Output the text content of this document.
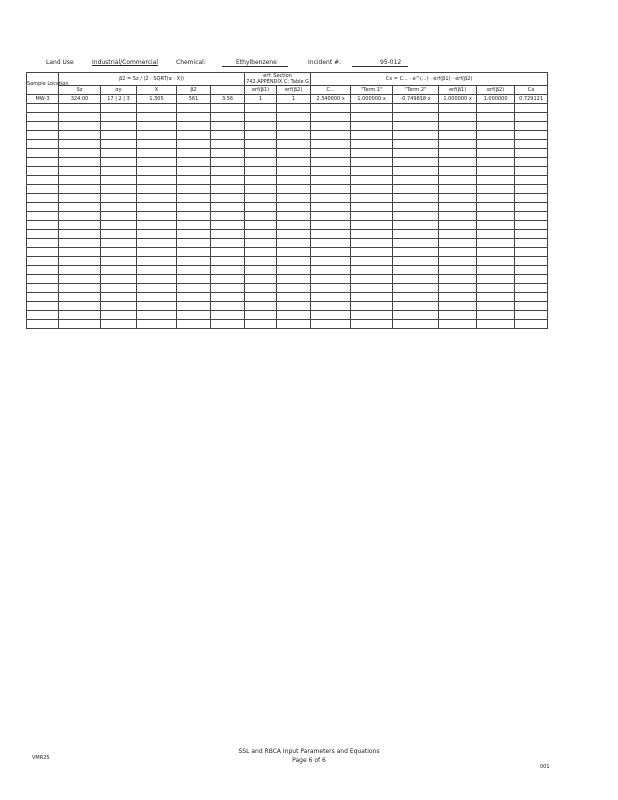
Land Use	Industrial/Commercial	Chemical:	Ethylbenzene	Incident #:	95-012
Sample Location	β2 = Sz / (2 · SQRT(α · X))					erf: Section 742.APPENDIX C: Table G		Cx = C... · e^(...) · erf(β1) · erf(β2)					
	Sz	αy	X	β2		erf(β1)	erf(β2)	C...	"Term 1"	"Term 2"	erf(β1)	erf(β2)	Cx
MW-3	324.00	17 | 2 | 3	1.305	561	3.56	1	1	2.340000 x	1.000000 x	-0.749818 x	1.000000 x	1.000000	0.729121

VMR25
SSL and RBCA Input Parameters and Equations
Page 6 of 6
001
